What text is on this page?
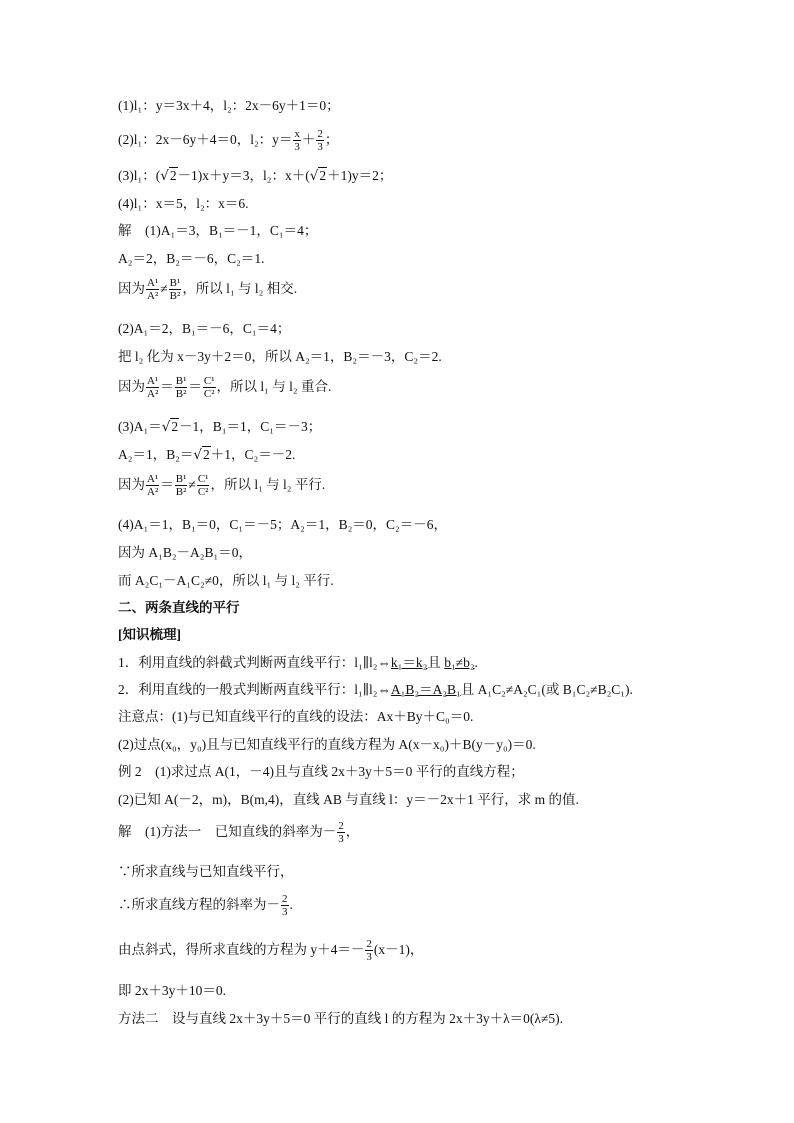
(1)l₁：y＝3x＋4，l₂：2x－6y＋1＝0；
(2)l₁：2x－6y＋4＝0，l₂：$y= \frac{x}{3} + \frac{2}{3}$ ；
(3)l₁：(√2－1)x＋y＝3，l₂：x＋(√2＋1)y＝2；
(4)l₁：x＝5，l₂：x＝6.
解　(1)A₁＝3，B₁＝－1，C₁＝4；
A₂＝2，B₂＝－6，C₂＝1.
因为 $\frac{\text{A¹}}{\text{A²}} \ne \frac{\text{B¹}}{\text{B²}}$ ，所以 l₁ 与 l₂ 相交.
(2)A₁＝2，B₁＝－6，C₁＝4；
把 l₂ 化为 x－3y＋2＝0，所以 A₂＝1，B₂＝－3，C₂＝2.
因为 $\frac{\text{A¹}}{\text{A²}} = \frac{\text{B¹}}{\text{B²}} = \frac{\text{C¹}}{\text{C²}}$ ，所以 l₁ 与 l₂ 重合.
(3)A₁＝√2－1，B₁＝1，C₁＝－3；
A₂＝1，B₂＝√2＋1，C₂＝－2.
因为 $\frac{\text{A¹}}{\text{A²}} = \frac{\text{B¹}}{\text{B²}} \ne \frac{\text{C¹}}{\text{C²}}$ ，所以 l₁ 与 l₂ 平行.
(4)A₁＝1，B₁＝0，C₁＝－5；A₂＝1，B₂＝0，C₂＝－6，
因为 A₁B₂－A₂B₁＝0，
而 A₂C₁－A₁C₂≠0，所以 l₁ 与 l₂ 平行.
二、两条直线的平行
[知识梳理]
1．利用直线的斜截式判断两直线平行：l₁∥l₂⇔k₁＝k₂且 b₁≠b₂.
2．利用直线的一般式判断两直线平行：l₁∥l₂⇔A₁B₂＝A₂B₁且 A₁C₂≠A₂C₁(或 B₁C₂≠B₂C₁).
注意点：(1)与已知直线平行的直线的设法：Ax＋By＋C₀＝0.
(2)过点(x₀，y₀)且与已知直线平行的直线方程为 A(x－x₀)＋B(y－y₀)＝0.
例 2　(1)求过点 A(1，－4)且与直线 2x＋3y＋5＝0 平行的直线方程；
(2)已知 A(－2，m)，B(m,4)，直线 AB 与直线 l：y＝－2x＋1 平行，求 m 的值.
解　(1)方法一　已知直线的斜率为－ $\frac{2}{3}$ ，
∵所求直线与已知直线平行，
∴所求直线方程的斜率为－ $\frac{2}{3}$ .
由点斜式，得所求直线的方程为 $y+4=- \frac{2}{3} (x-1)$，
即 2x＋3y＋10＝0.
方法二　设与直线 2x＋3y＋5＝0 平行的直线 l 的方程为 2x＋3y＋λ＝0(λ≠5).
